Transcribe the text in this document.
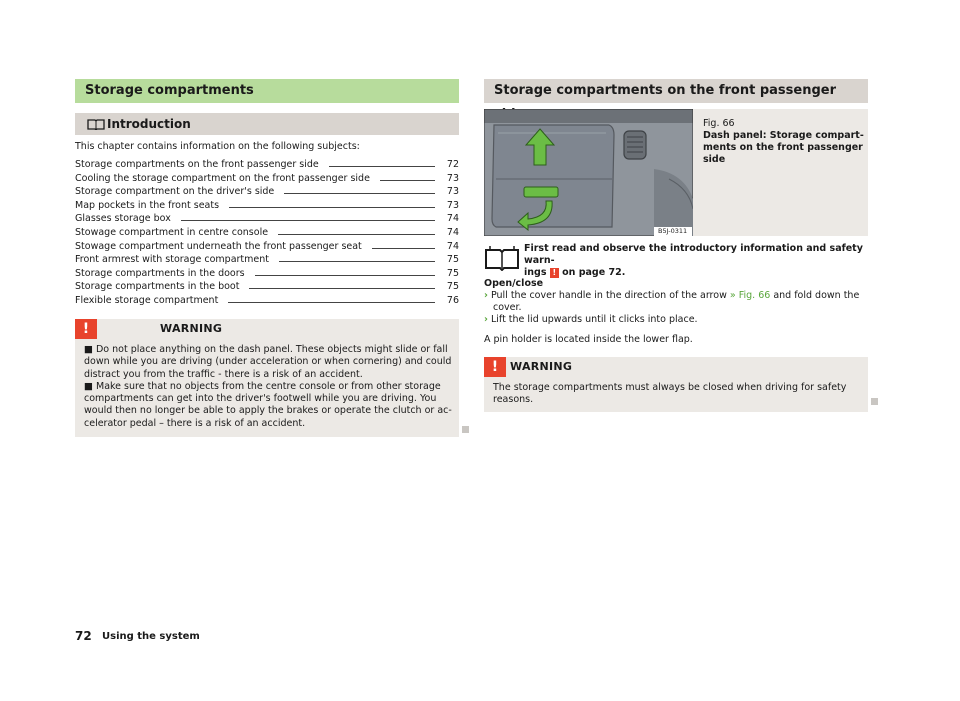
Storage compartments
Introduction
This chapter contains information on the following subjects:
Storage compartments on the front passenger side	72
Cooling the storage compartment on the front passenger side	73
Storage compartment on the driver's side	73
Map pockets in the front seats	73
Glasses storage box	74
Stowage compartment in centre console	74
Stowage compartment underneath the front passenger seat	74
Front armrest with storage compartment	75
Storage compartments in the doors	75
Storage compartments in the boot	75
Flexible storage compartment	76
!	WARNING
■ Do not place anything on the dash panel. These objects might slide or fall
down while you are driving (under acceleration or when cornering) and could
distract you from the traffic - there is a risk of an accident.
■ Make sure that no objects from the centre console or from other storage
compartments can get into the driver's footwell while you are driving. You
would then no longer be able to apply the brakes or operate the clutch or ac-
celerator pedal – there is a risk of an accident.
Storage compartments on the front passenger
B5J-0311
Fig. 66
Dash panel: Storage compart-
ments on the front passenger
side
First read and observe the introductory information and safety warn-
ings ! on page 72.
Open/close
› Pull the cover handle in the direction of the arrow » Fig. 66 and fold down the
cover.
› Lift the lid upwards until it clicks into place.
A pin holder is located inside the lower flap.
!	WARNING
The storage compartments must always be closed when driving for safety
reasons.
72 Using the system
